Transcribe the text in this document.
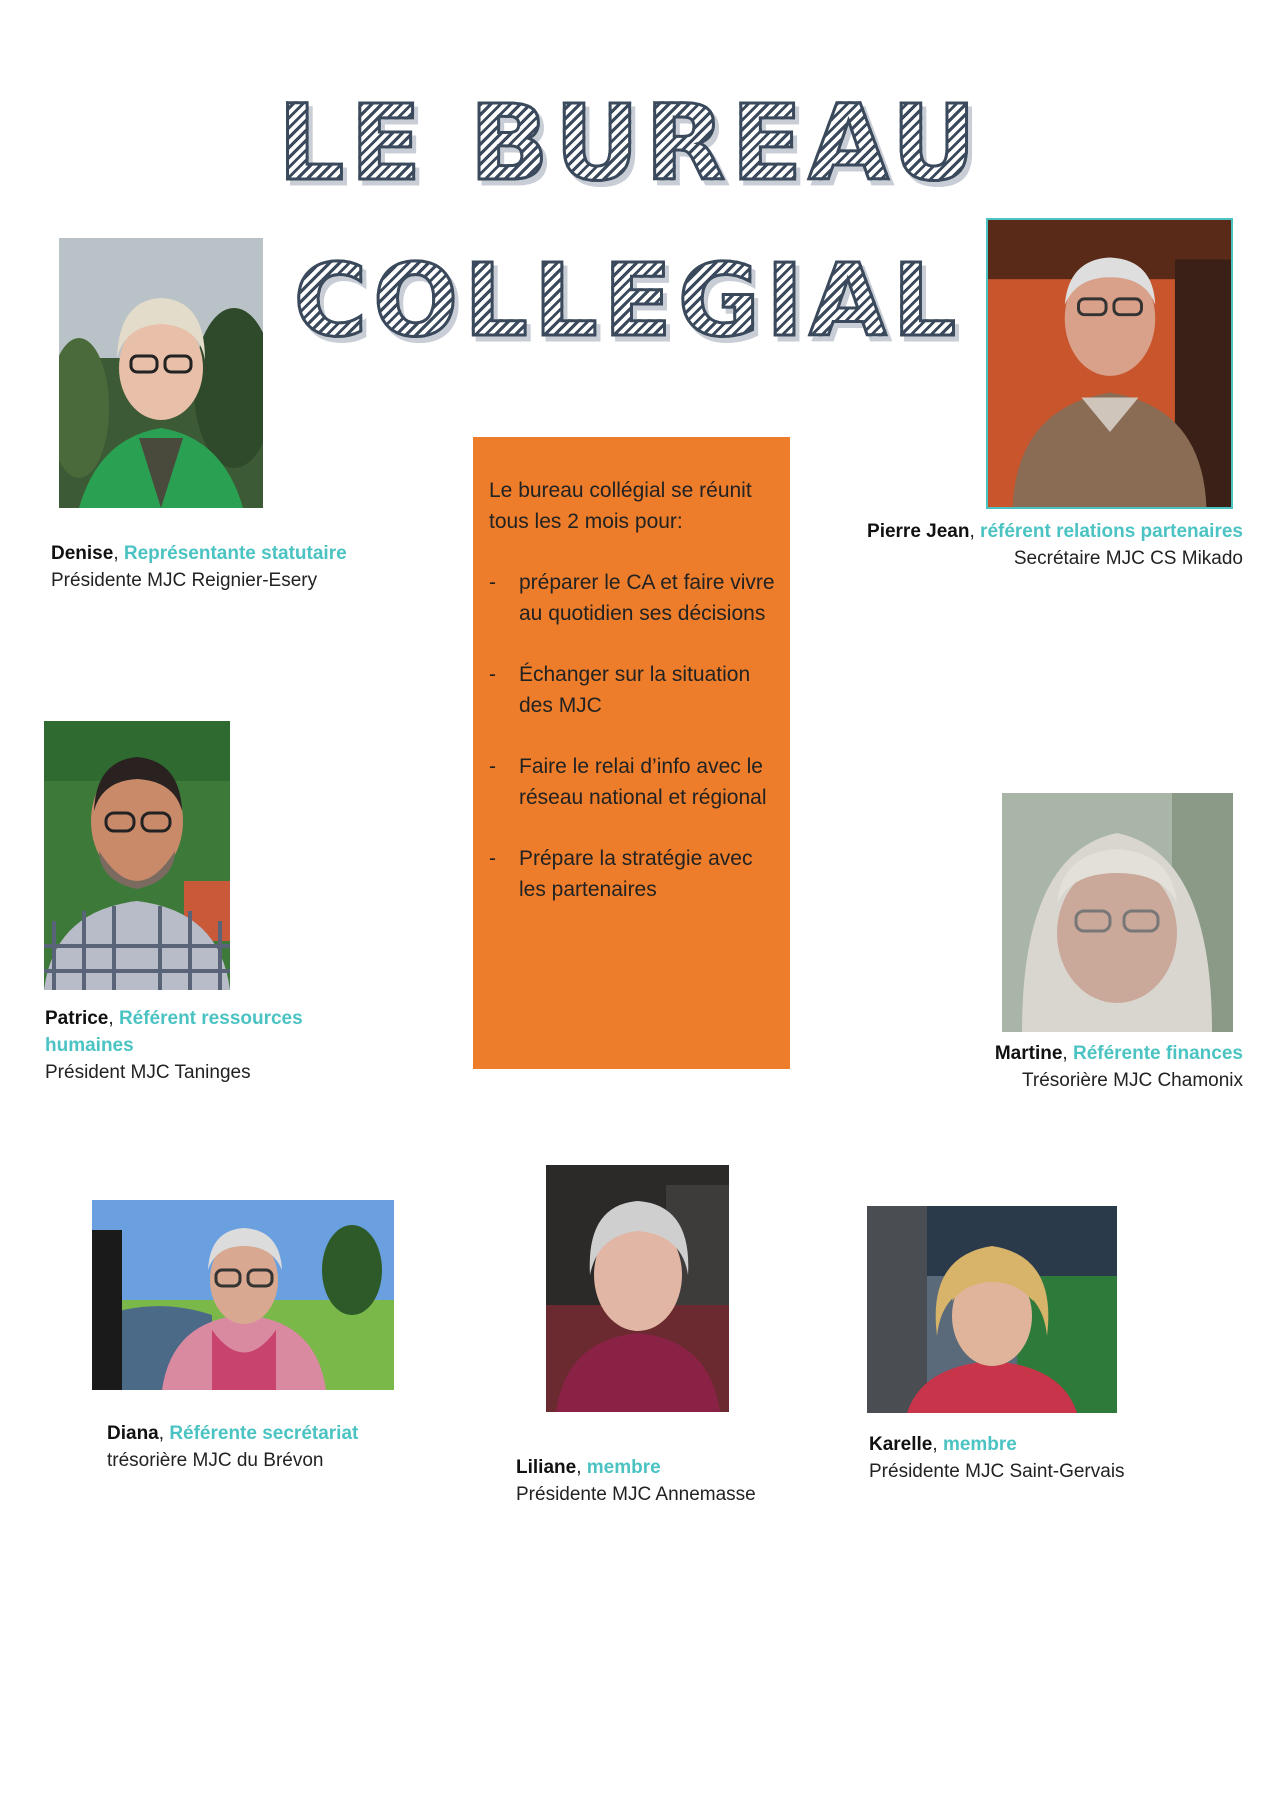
LE BUREAU
COLLEGIAL
Denise, Représentante statutaire
Présidente MJC Reignier-Esery
Pierre Jean, référent relations partenaires
Secrétaire MJC CS Mikado
Patrice, Référent ressources humaines
Président MJC Taninges
Martine, Référente finances
Trésorière MJC Chamonix
Diana, Référente secrétariat
trésorière MJC du Brévon	Liliane, membre
Présidente MJC Annemasse
Karelle, membre
Présidente MJC Saint-Gervais

Le bureau collégial se réunit tous les 2 mois pour:

- préparer le CA et faire vivre au quotidien ses décisions
- Échanger sur la situation des MJC
- Faire le relai d’info avec le réseau national et régional
- Prépare la stratégie avec les partenaires
